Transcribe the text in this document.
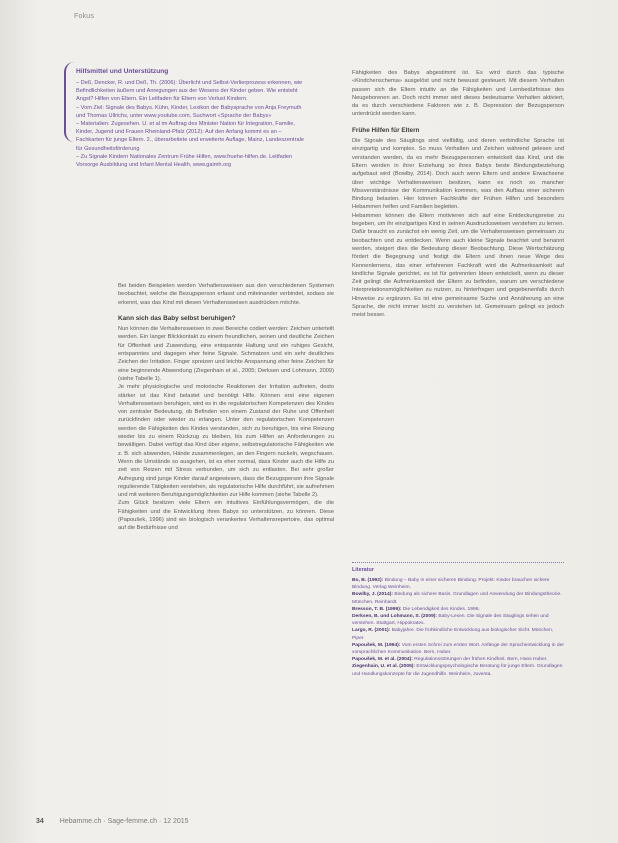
Fokus
Hilfsmittel und Unterstützung

– Deß, Dencker, R. und Deß, Th. (2006): Überlicht und Selbst-Verlierprozess erkennen, wie Befindlichkeiten äußern und Anregungen aus der Wesens der Kinder geben. Wie entsteht Angst? Hilfen von Eltern. Ein Leitfaden für Eltern von Verlust Kindern.

– Vom Ziel: Signale des Babys. Kühn, Kinder, Lexikon der Babysprache von Anja Freymuth und Thomas Ullrichs, unter www.youtube.com, Suchwort «Sprache der Babys»

– Materialien: Zugesehen. U. et al im Auftrag des Minister Nation für Integration, Familie, Kinder, Jugend und Frauen Rheinland-Pfalz (2012): Auf den Anfang kommt es an – Fachkarten für junge Eltern. 2., überarbeitete und erweiterte Auflage, Mainz, Landeszentrale für Gesundheitsförderung

– Zu Signale Kindern Nationales Zentrum Frühe Hilfen, www.fruehe-hilfen.de. Leitfaden Vorsorge Ausbildung und Infant Mental Health, www.gaimh.org

Bei beiden Beispielen werden Verhaltensweisen aus den verschiedenen Systemen beobachtet, welche die Bezugsperson erfasst und miteinander verbindet, sodass sie erkennt, was das Kind mit diesen Verhaltensweisen ausdrücken möchte.

Kann sich das Baby selbst beruhigen?

Nun können die Verhaltensweisen in zwei Bereiche codiert werden: Zeichen unterteilt werden. Ein langer Blickkontakt zu einem freundlichen, seinen und deutliche Zeichen für Offenheit und Zuwendung, eine entspannte Haltung und ein ruhiges Gesicht, entspanntes und dagegen eher feine Signale. Schmatzen und ein sehr deutliches Zeichen der Irritation. Finger spreizen und leichte Anspannung eher feine Zeichen für eine beginnende Abwendung (Ziegenhain et al., 2005; Derksen und Lohmann, 2009) (siehe Tabelle 1).

Je mehr physiologische und motorische Reaktionen der Irritation auftreten, desto stärker ist das Kind belastet und benötigt Hilfe. Können erst eine eigenen Verhaltensweisen beruhigen, wird es in die regulatorischen Kompetenzen des Kindes von zentraler Bedeutung, ob Befinden von einem Zustand der Ruhe und Offenheit zurückfinden oder wieder zu erlangen. Unter den regulatorischen Kompetenzen werden die Fähigkeiten des Kindes verstanden, sich zu beruhigen, bis eine Reizung wieder bis zu einem Rückzug zu bleiben, bis zum Hilfen an Anforderungen zu bewältigen. Dabei verfügt das Kind über eigene, selbstregulatorische Fähigkeiten wie z. B. sich abwenden, Hände zusammenlegen, an den Fingern nuckeln, wegschauen. Wenn die Umstände so ausgehen, ist es eher normal, dass Kinder auch die Hilfe zu zeit von Reizen mit Stress verbunden, um sich zu entlasten. Bei sehr großer Aufregung sind junge Kinder darauf angewiesen, dass die Bezugsperson ihre Signale regulierende Tätigkeiten verstehen, als regulatorische Hilfe durchführt, sie aufnehmen und mit weiteren Beruhigungsmöglichkeiten zur Hilfe kommen (siehe Tabelle 2).

Zum Glück besitzen viele Eltern ein intuitives Einfühlungsvermögen, die die Fähigkeiten und die Entwicklung ihres Babys so unterstützen, zu können. Diese (Papoušek, 1996) sind ein biologisch verankertes Verhaltensrepertoire, das optimal auf die Bedürfnisse und

Fähigkeiten des Babys abgestimmt ist. Es wird durch das typische «Kindchenschema» ausgelöst und nicht bewusst gesteuert. Mit diesem Verhalten passen sich die Eltern intuitiv an die Fähigkeiten und Lernbedürfnisse des Neugeborenen an. Doch nicht immer wird dieses bedeutsame Verhalten aktiviert, da es durch verschiedene Faktoren wie z. B. Depression der Bezugsperson unterdrückt werden kann.

Frühe Hilfen für Eltern

Die Signale des Säuglings sind vielfältig, und deren verbindliche Sprache ist einzigartig und komplex. So muss Verhalten und Zeichen während gelesen und verstanden werden, da es mehr Bezugspersonen entwickelt das Kind, und die Eltern werden in ihrer Erziehung so ihres Babys beste Bindungsbeziehung aufgebaut wird (Bowlby, 2014). Doch auch wenn Eltern und andere Erwachsene über wichtige Verhaltensweisen besitzen, kann es noch so mancher Missverständnisse der Kommunikation kommen, was den Aufbau einer sicheren Bindung belasten. Hier können Fachkräfte der Frühen Hilfen und besonders Hebammen helfen und Familien begleiten.

Hebammen können die Eltern motivieren sich auf eine Entdeckungsreise zu begeben, um ihr einzigartiges Kind in seinen Ausdrucksweisen verstehen zu lernen. Dafür braucht es zunächst ein wenig Zeit, um die Verhaltensweisen gemeinsam zu beobachten und zu entdecken. Wenn auch kleine Signale beachtet und benannt werden, steigert dies die Bedeutung dieser Beobachtung. Diese Wertschätzung fördert die Begegnung und festigt die Eltern und ihnen neue Wege des Kennenlernens, das einer erfahrenen Fachkraft wird die Aufmerksamkeit auf kindliche Signale gerichtet, es ist für getrennten Ideen entwickelt, wenn zu dieser Zeit gelingt die Aufmerksamkeit der Eltern zu befinden, warum um verschiedene Interpretationsmöglichkeiten zu nutzen, zu hinterfragen und gegebenenfalls durch Hinweise zu ergänzen. Es ist eine gemeinsame Suche und Annäherung an eine Sprache, die nicht immer leicht zu verstehen ist. Gemeinsam gelingt es jedoch meist besser.

Literatur
Bo, B. (1992): Bindung – Baby in einer sicheren Bindung. Projekt: Kinder brauchen sichere Bindung. Verlag Weinheim.
Bowlby, J. (2014): Bindung als sichere Basis. Grundlagen und Anwendung der Bindungstheorie. München, Reinhardt.
Bresson, T. B. (1999): Die Lebendigkeit des Kindes. 1996.
Derksen, B. und Lohmann, S. (2009): Baby-Lesen. Die Signale des Säuglings sehen und verstehen. Stuttgart, Hippokrates.
Largo, R. (2001): Babyjahre. Die frühkindliche Entwicklung aus biologischer Sicht. München, Piper.
Papoušek, M. (1994): Vom ersten Schrei zum ersten Wort. Anfänge der Sprachentwicklung in der vorsprachlichen Kommunikation. Bern, Huber.
Papoušek, M. et al. (2004): Regulationsstörungen der frühen Kindheit. Bern, Hans Huber.
Ziegenhain, U. et al. (2005): Entwicklungspsychologische Beratung für junge Eltern. Grundlagen und Handlungskonzepte für die Jugendhilfe. Weinheim, Juventa.
34 Hebamme.ch · Sage-femme.ch · 12 2015
